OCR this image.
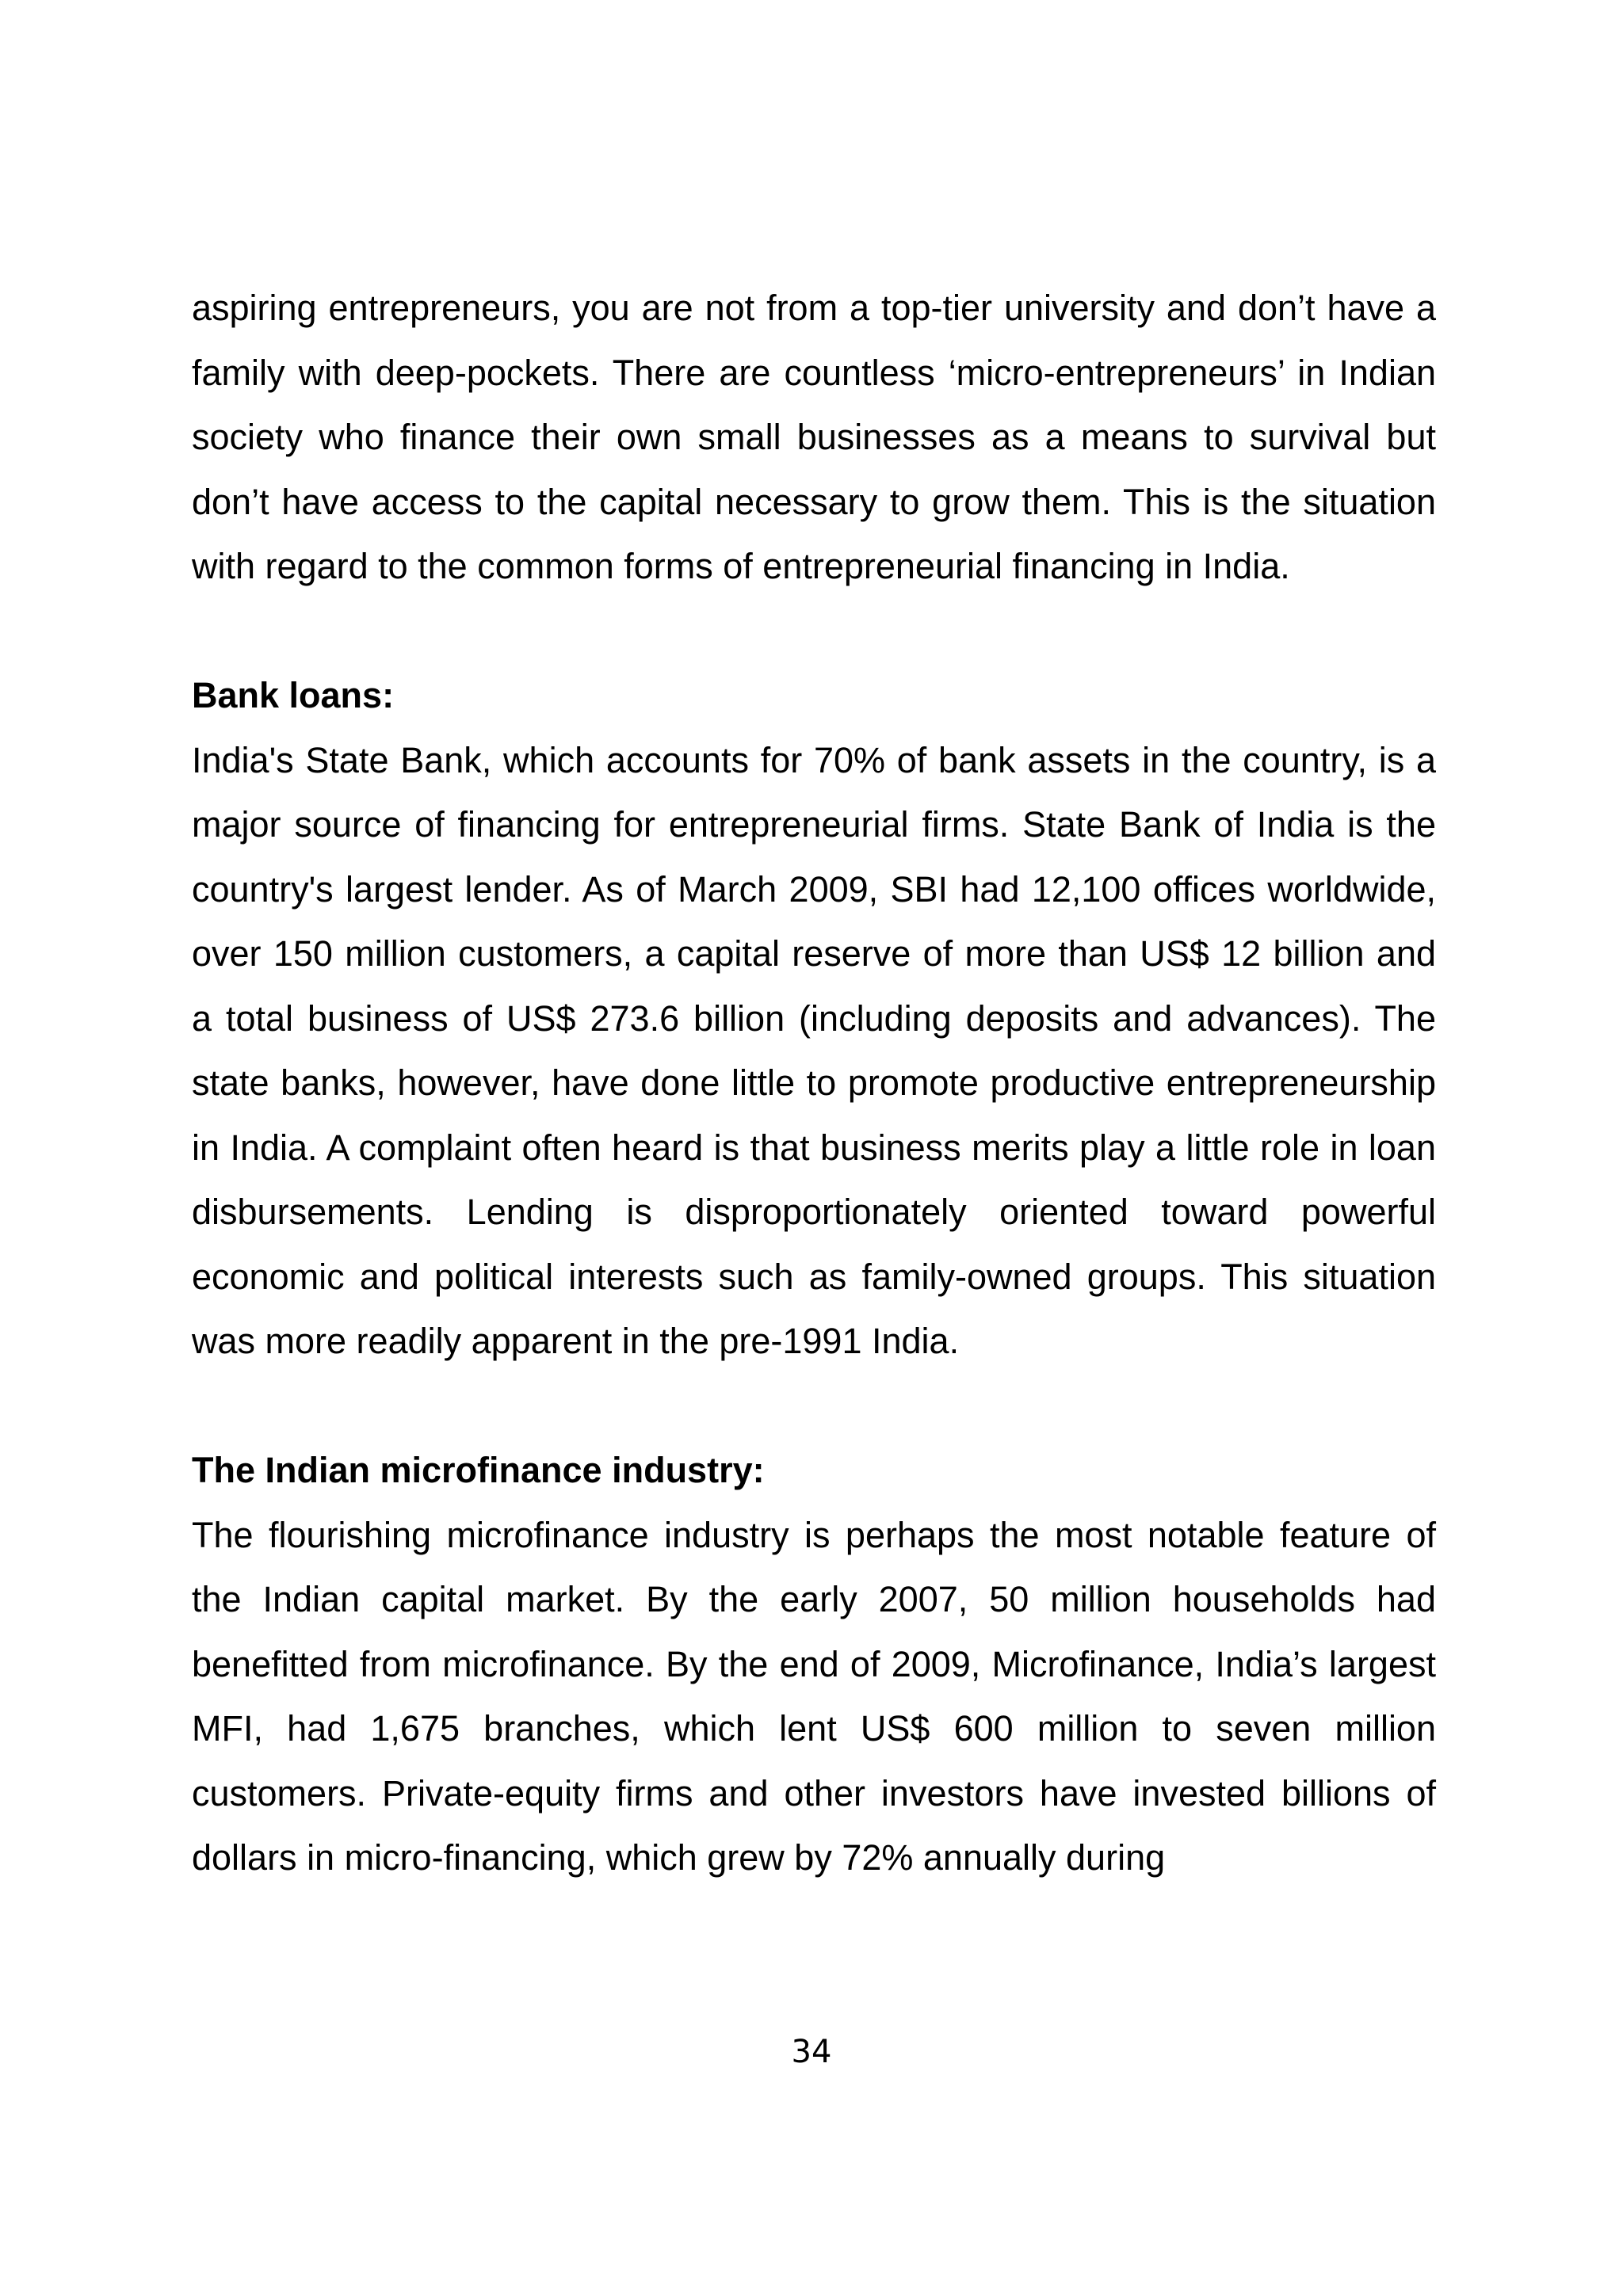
aspiring entrepreneurs, you are not from a top-tier university and don’t have a family with deep-pockets. There are countless ‘micro-entrepreneurs’ in Indian society who finance their own small businesses as a means to survival but don’t have access to the capital necessary to grow them. This is the situation with regard to the common forms of entrepreneurial financing in India.

Bank loans:

India's State Bank, which accounts for 70% of bank assets in the country, is a major source of financing for entrepreneurial firms. State Bank of India is the country's largest lender. As of March 2009, SBI had 12,100 offices worldwide, over 150 million customers, a capital reserve of more than US$ 12 billion and a total business of US$ 273.6 billion (including deposits and advances). The state banks, however, have done little to promote productive entrepreneurship in India. A complaint often heard is that business merits play a little role in loan disbursements. Lending is disproportionately oriented toward powerful economic and political interests such as family-owned groups. This situation was more readily apparent in the pre-1991 India.

The Indian microfinance industry:

The flourishing microfinance industry is perhaps the most notable feature of the Indian capital market. By the early 2007, 50 million households had benefitted from microfinance. By the end of 2009, Microfinance, India’s largest MFI, had 1,675 branches, which lent US$ 600 million to seven million customers. Private-equity firms and other investors have invested billions of dollars in micro-financing, which grew by 72% annually during

34
